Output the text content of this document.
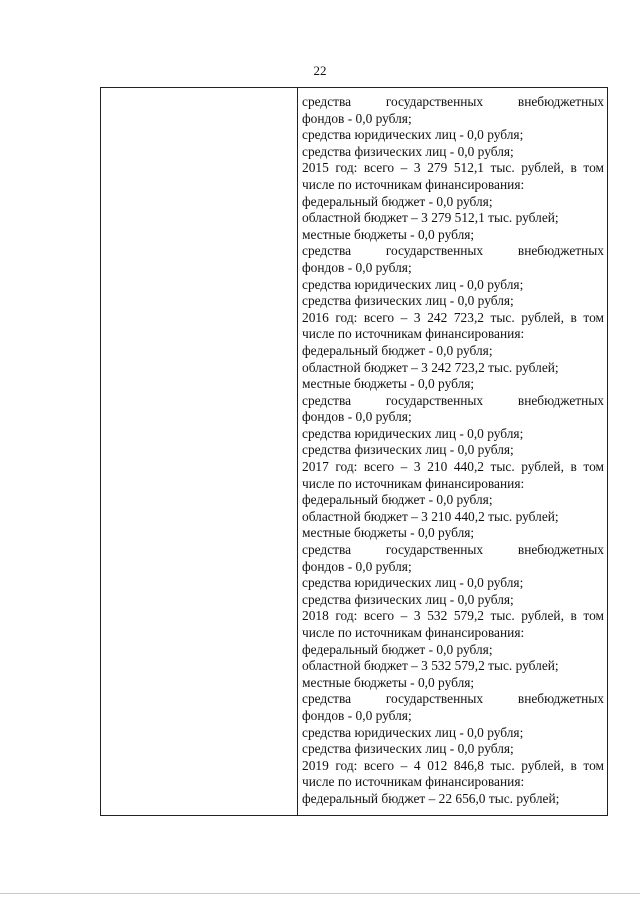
22
средства государственных внебюджетных
фондов - 0,0 рубля;
средства юридических лиц - 0,0 рубля;
средства физических лиц - 0,0 рубля;
2015 год: всего – 3 279 512,1 тыс. рублей, в том
числе по источникам финансирования:
федеральный бюджет - 0,0 рубля;
областной бюджет – 3 279 512,1 тыс. рублей;
местные бюджеты - 0,0 рубля;
средства государственных внебюджетных
фондов - 0,0 рубля;
средства юридических лиц - 0,0 рубля;
средства физических лиц - 0,0 рубля;
2016 год: всего – 3 242 723,2 тыс. рублей, в том
числе по источникам финансирования:
федеральный бюджет - 0,0 рубля;
областной бюджет – 3 242 723,2 тыс. рублей;
местные бюджеты - 0,0 рубля;
средства государственных внебюджетных
фондов - 0,0 рубля;
средства юридических лиц - 0,0 рубля;
средства физических лиц - 0,0 рубля;
2017 год: всего – 3 210 440,2 тыс. рублей, в том
числе по источникам финансирования:
федеральный бюджет - 0,0 рубля;
областной бюджет – 3 210 440,2 тыс. рублей;
местные бюджеты - 0,0 рубля;
средства государственных внебюджетных
фондов - 0,0 рубля;
средства юридических лиц - 0,0 рубля;
средства физических лиц - 0,0 рубля;
2018 год: всего – 3 532 579,2 тыс. рублей, в том
числе по источникам финансирования:
федеральный бюджет - 0,0 рубля;
областной бюджет – 3 532 579,2 тыс. рублей;
местные бюджеты - 0,0 рубля;
средства государственных внебюджетных
фондов - 0,0 рубля;
средства юридических лиц - 0,0 рубля;
средства физических лиц - 0,0 рубля;
2019 год: всего – 4 012 846,8 тыс. рублей, в том
числе по источникам финансирования:
федеральный бюджет – 22 656,0 тыс. рублей;
